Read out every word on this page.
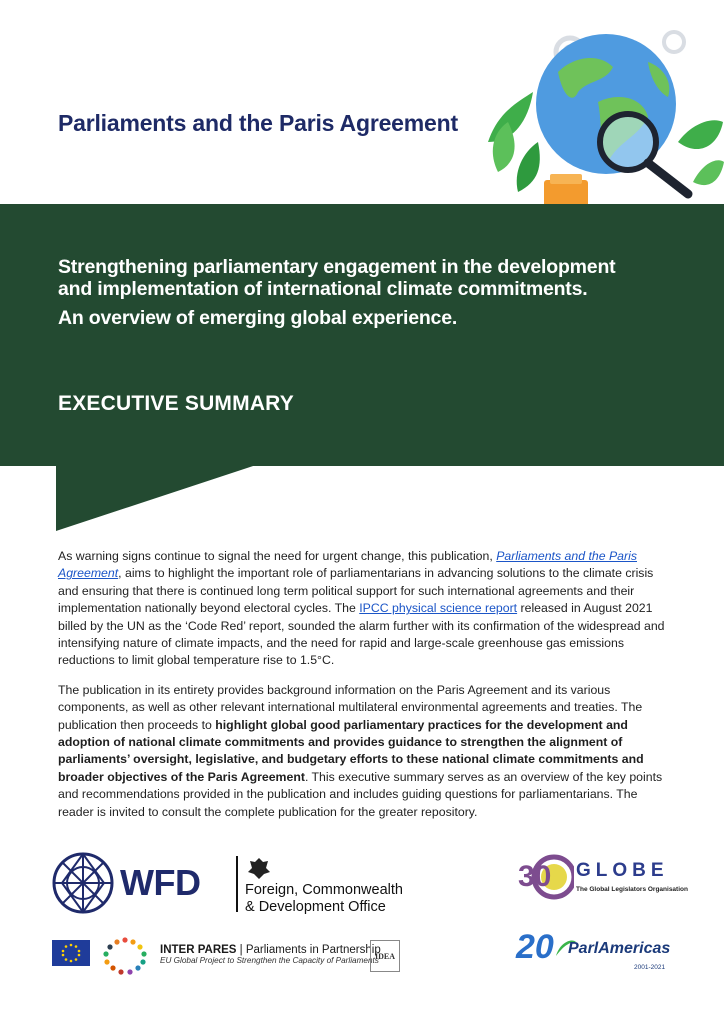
Parliaments and the Paris Agreement
Strengthening parliamentary engagement in the development
and implementation of international climate commitments.
An overview of emerging global experience.
EXECUTIVE SUMMARY

As warning signs continue to signal the need for urgent change, this publication, Parliaments and the Paris Agreement, aims to highlight the important role of parliamentarians in advancing solutions to the climate crisis and ensuring that there is continued long term political support for such international agreements and their implementation nationally beyond electoral cycles. The IPCC physical science report released in August 2021 billed by the UN as the ‘Code Red’ report, sounded the alarm further with its confirmation of the widespread and intensifying nature of climate impacts, and the need for rapid and large-scale greenhouse gas emissions reductions to limit global temperature rise to 1.5°C.

The publication in its entirety provides background information on the Paris Agreement and its various components, as well as other relevant international multilateral environmental agreements and treaties. The publication then proceeds to highlight global good parliamentary practices for the development and adoption of national climate commitments and provides guidance to strengthen the alignment of parliaments’ oversight, legislative, and budgetary efforts to these national climate commitments and broader objectives of the Paris Agreement. This executive summary serves as an overview of the key points and recommendations provided in the publication and includes guiding questions for parliamentarians. The reader is invited to consult the complete publication for the greater repository.

WFD	Foreign, Commonwealth
& Development Office
30 GLOBE
The Global Legislators Organisation
INTER PARES | Parliaments in Partnership
EU Global Project to Strengthen the Capacity of Parliaments
IDEA	20 ParlAmericas
2001-2021
